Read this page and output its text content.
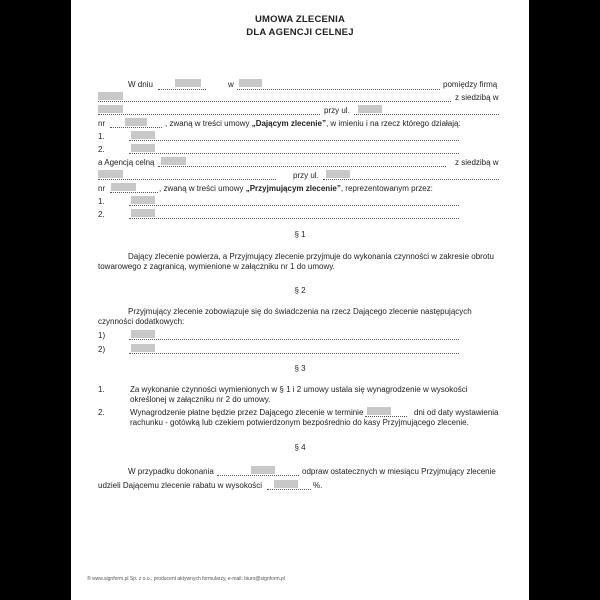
UMOWA ZLECENIA
DLA AGENCJI CELNEJ
W dniu	w	pomiędzy firmą
z siedzibą w
przy ul.
nr	, zwaną w treści umowy „Dającym zlecenie”, w imieniu i na rzecz którego działają:
1.
2.
a Agencją celną	z siedzibą w
przy ul.
nr	, zwaną w treści umowy „Przyjmującym zlecenie”, reprezentowanym przez:
1.
2.
§ 1
Dający zlecenie powierza, a Przyjmujący zlecenie przyjmuje do wykonania czynności w zakresie obrotu
towarowego z zagranicą, wymienione w załączniku nr 1 do umowy.
§ 2
Przyjmujący zlecenie zobowiązuje się do świadczenia na rzecz Dającego zlecenie następujących
czynności dodatkowych:
1)
2)
§ 3
1.	Za wykonanie czynności wymienionych w § 1 i 2 umowy ustala się wynagrodzenie w wysokości
określonej w załączniku nr 2 do umowy.
2.	Wynagrodzenie płatne będzie przez Dającego zlecenie w terminie	dni od daty wystawienia
rachunku - gotówką lub czekiem potwierdzonym bezpośrednio do kasy Przyjmującego zlecenie.
§ 4
W przypadku dokonania	odpraw ostatecznych w miesiącu Przyjmujący zlecenie
udzieli Dającemu zlecenie rabatu w wysokości	%.
® www.signform.pl Sp. z o.o., producent aktywnych formularzy, e-mail: biuro@signform.pl
